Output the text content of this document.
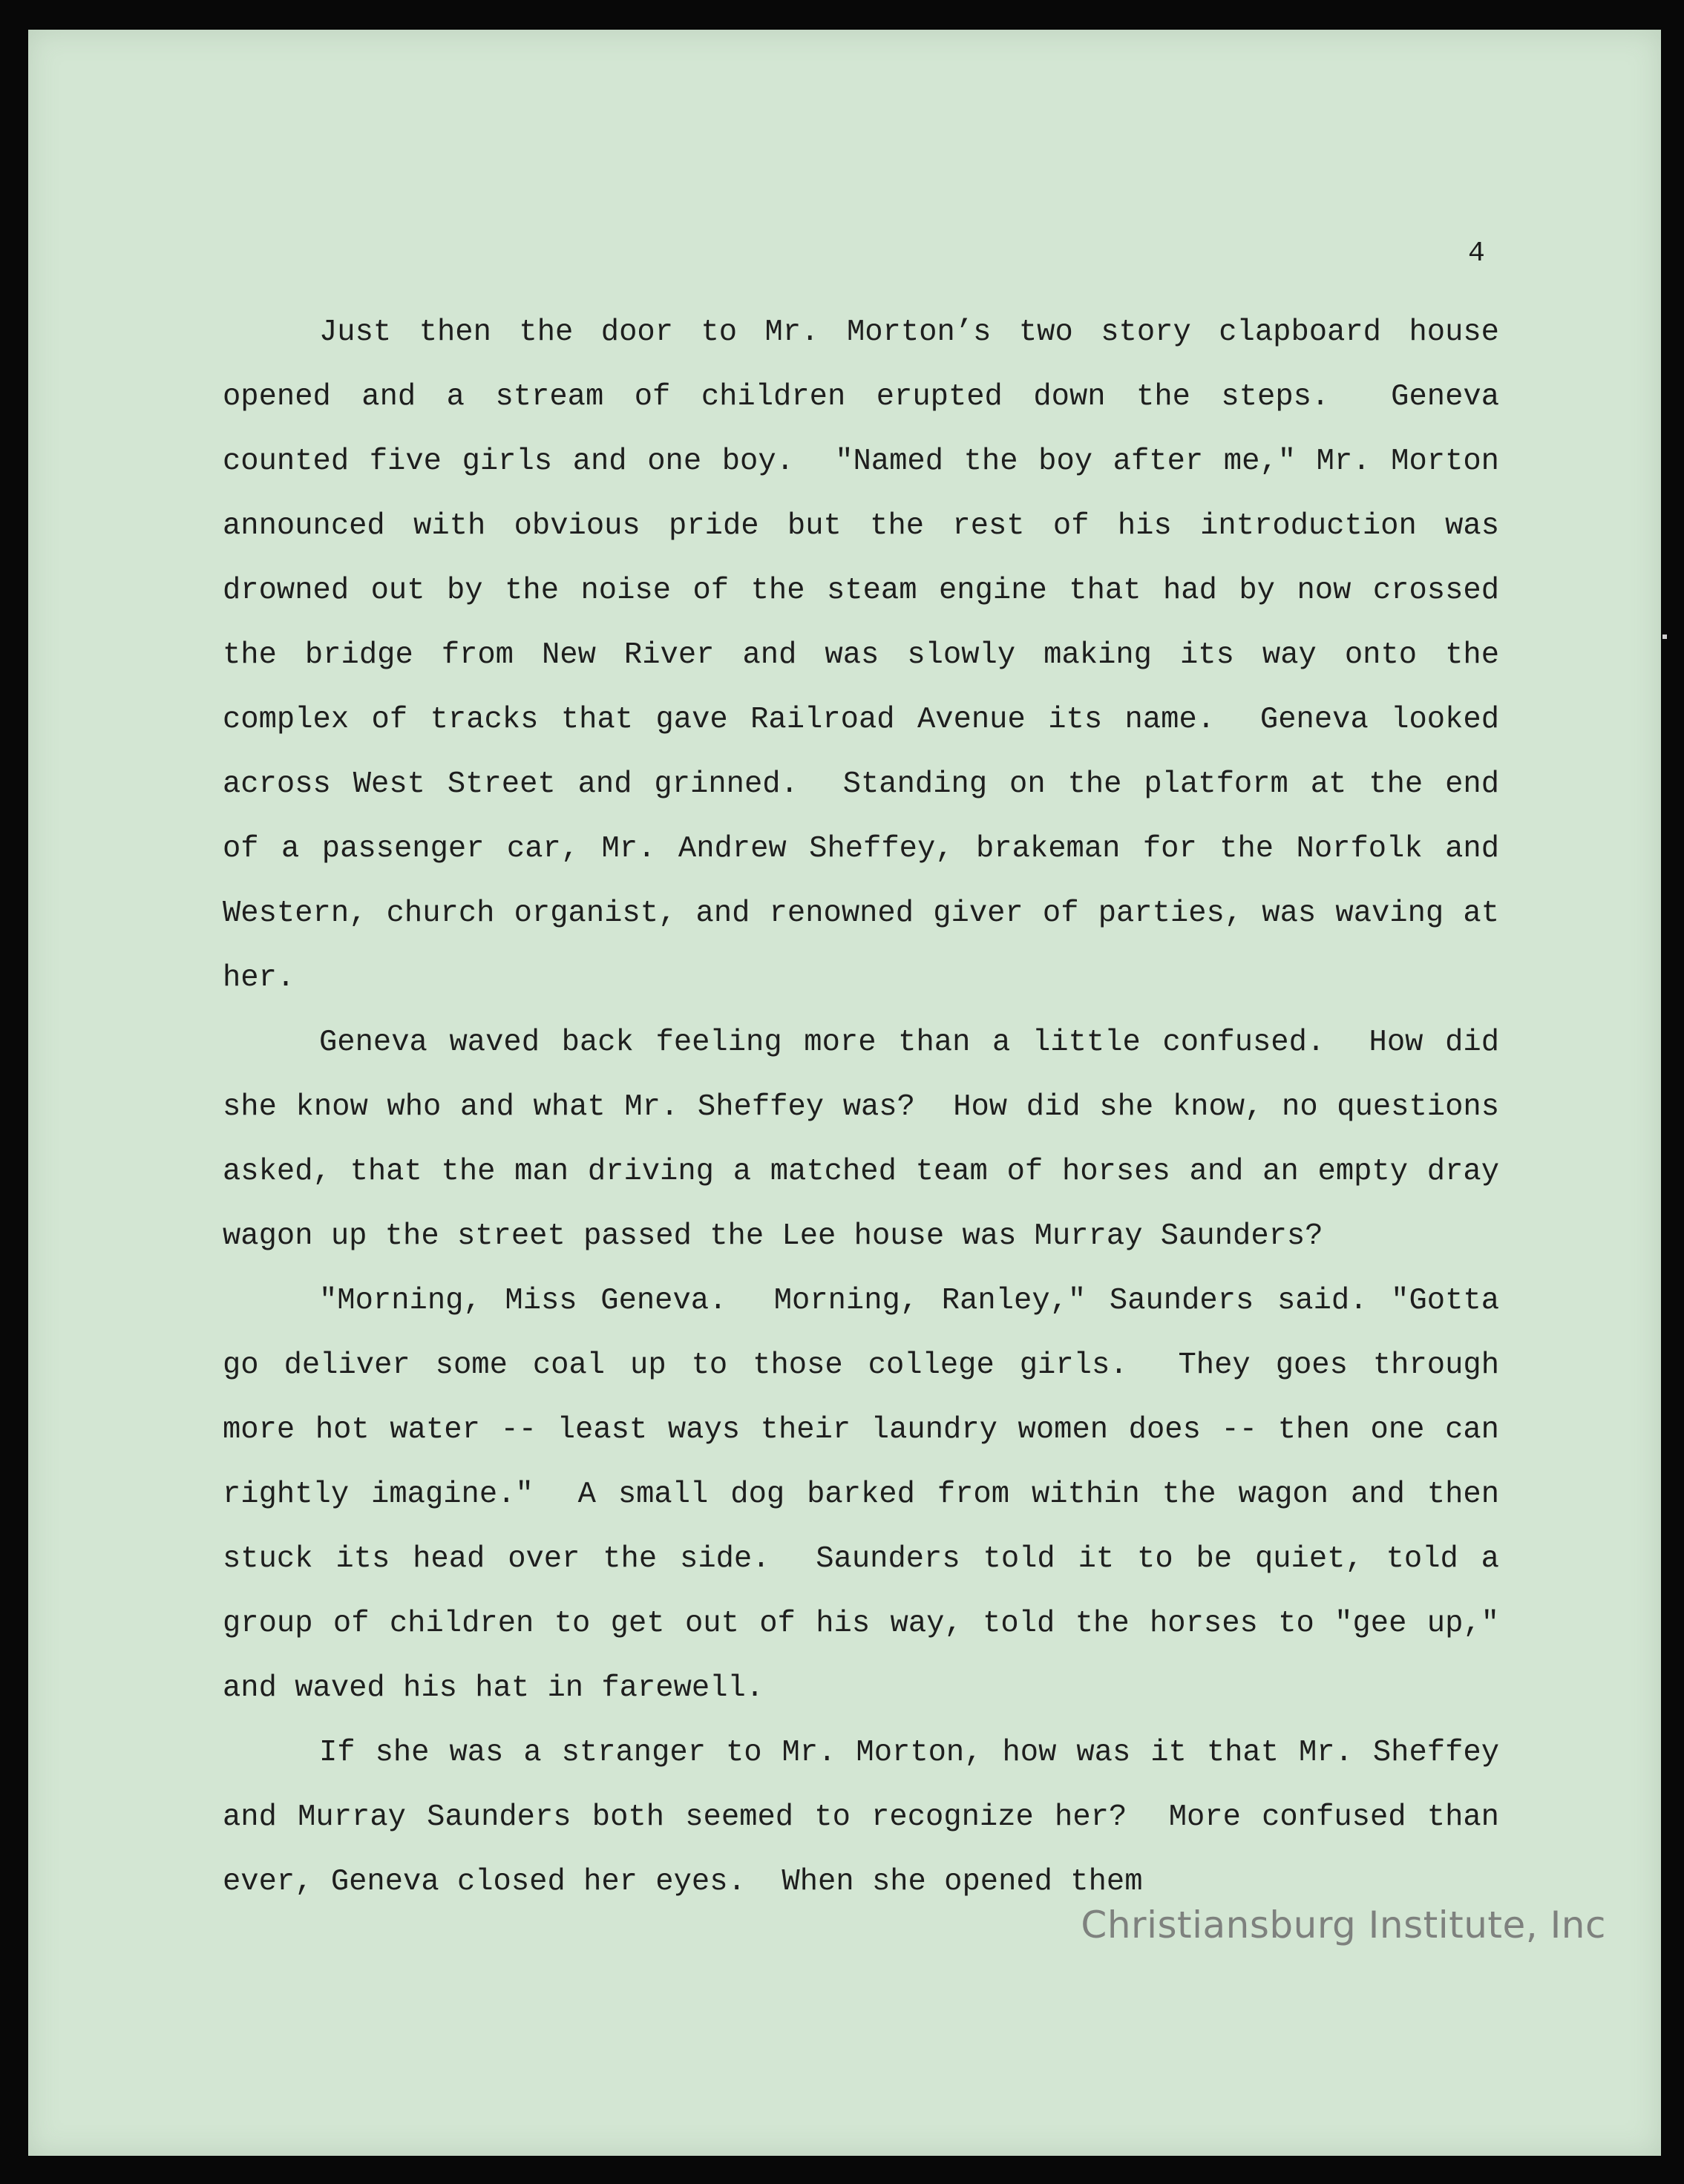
4

Just then the door to Mr. Morton’s two story clapboard house opened and a stream of children erupted down the steps.  Geneva counted five girls and one boy.  "Named the boy after me," Mr. Morton announced with obvious pride but the rest of his introduction was drowned out by the noise of the steam engine that had by now crossed the bridge from New River and was slowly making its way onto the complex of tracks that gave Railroad Avenue its name.  Geneva looked across West Street and grinned.  Standing on the platform at the end of a passenger car, Mr. Andrew Sheffey, brakeman for the Norfolk and Western, church organist, and renowned giver of parties, was waving at her.

Geneva waved back feeling more than a little confused.  How did she know who and what Mr. Sheffey was?  How did she know, no questions asked, that the man driving a matched team of horses and an empty dray wagon up the street passed the Lee house was Murray Saunders?

"Morning, Miss Geneva.  Morning, Ranley," Saunders said. "Gotta go deliver some coal up to those college girls.  They goes through more hot water -- least ways their laundry women does -- then one can rightly imagine."  A small dog barked from within the wagon and then stuck its head over the side.  Saunders told it to be quiet, told a group of children to get out of his way, told the horses to "gee up," and waved his hat in farewell.

If she was a stranger to Mr. Morton, how was it that Mr. Sheffey and Murray Saunders both seemed to recognize her?  More confused than ever, Geneva closed her eyes.  When she opened them

Christiansburg Institute, Inc
